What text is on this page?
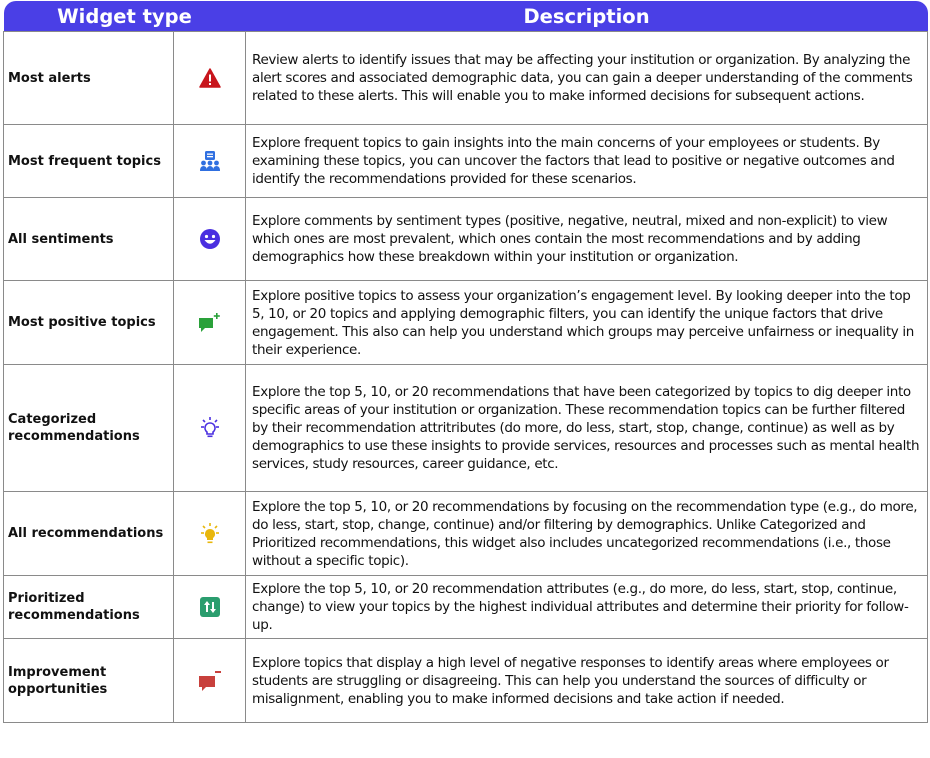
Widget type		Description
Most alerts		Review alerts to identify issues that may be affecting your institution or organization. By analyzing the alert scores and associated demographic data, you can gain a deeper understanding of the comments related to these alerts. This will enable you to make informed decisions for subsequent actions.
Most frequent topics		Explore frequent topics to gain insights into the main concerns of your employees or students. By examining these topics, you can uncover the factors that lead to positive or negative outcomes and identify the recommendations provided for these scenarios.
All sentiments		Explore comments by sentiment types (positive, negative, neutral, mixed and non-explicit) to view which ones are most prevalent, which ones contain the most recommendations and by adding demographics how these breakdown within your institution or organization.
Most positive topics		Explore positive topics to assess your organization’s engagement level. By looking deeper into the top 5, 10, or 20 topics and applying demographic filters, you can identify the unique factors that drive engagement. This also can help you understand which groups may perceive unfairness or inequality in their experience.
Categorized recommendations		Explore the top 5, 10, or 20 recommendations that have been categorized by topics to dig deeper into specific areas of your institution or organization. These recommendation topics can be further filtered by their recommendation attritributes (do more, do less, start, stop, change, continue) as well as by demographics to use these insights to provide services, resources and processes such as mental health services, study resources, career guidance, etc.
All recommendations		Explore the top 5, 10, or 20 recommendations by focusing on the recommendation type (e.g., do more, do less, start, stop, change, continue) and/or filtering by demographics. Unlike Categorized and Prioritized recommendations, this widget also includes uncategorized recommendations (i.e., those without a specific topic).
Prioritized recommendations		Explore the top 5, 10, or 20 recommendation attributes (e.g., do more, do less, start, stop, continue, change) to view your topics by the highest individual attributes and determine their priority for follow-up.
Improvement opportunities		Explore topics that display a high level of negative responses to identify areas where employees or students are struggling or disagreeing. This can help you understand the sources of difficulty or misalignment, enabling you to make informed decisions and take action if needed.
